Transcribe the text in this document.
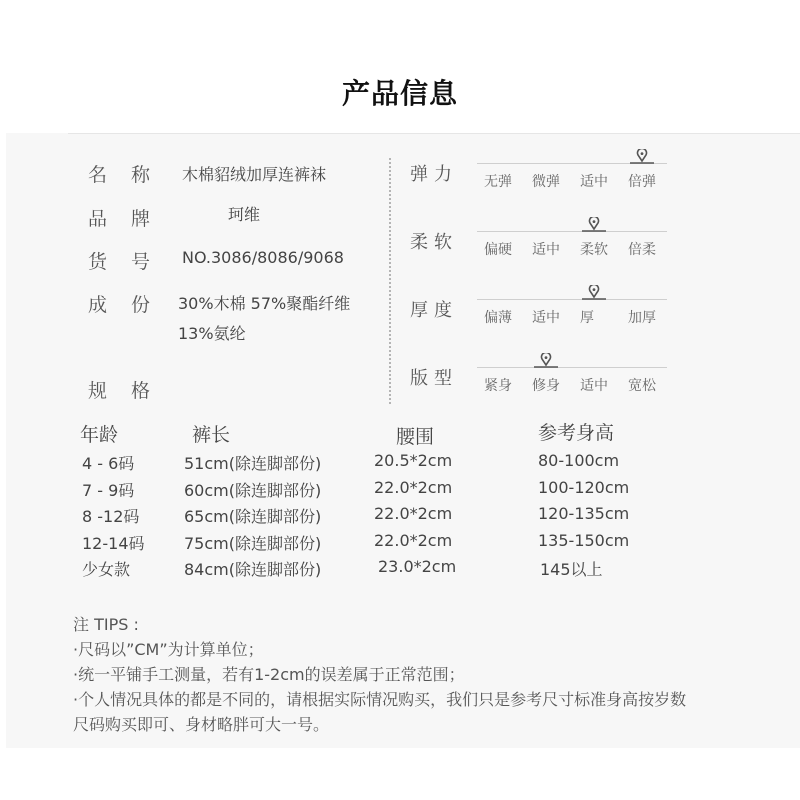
产品信息
名称 木棉貂绒加厚连裤袜
品牌	珂维
货号 NO.3086/8086/9068
成份 30%木棉 57%聚酯纤维
13%氨纶
规格
弹力 无弹 微弹 适中 倍弹
柔软 偏硬 适中 柔软 倍柔
厚度 偏薄 适中 厚 加厚
版型 紧身 修身 适中 宽松
年龄	裤长	腰围	参考身高
4 - 6码	51cm(除连脚部份)	20.5*2cm	80-100cm
7 - 9码	60cm(除连脚部份)	22.0*2cm	100-120cm
8 -12码	65cm(除连脚部份)	22.0*2cm	120-135cm
12-14码 75cm(除连脚部份)	22.0*2cm	135-150cm
少女款	84cm(除连脚部份)	23.0*2cm	145以上
注 TIPS :
·尺码以”CM”为计算单位；
·统一平铺手工测量，若有1-2cm的误差属于正常范围；
·个人情况具体的都是不同的，请根据实际情况购买，我们只是参考尺寸标准身高按岁数
尺码购买即可、身材略胖可大一号。
